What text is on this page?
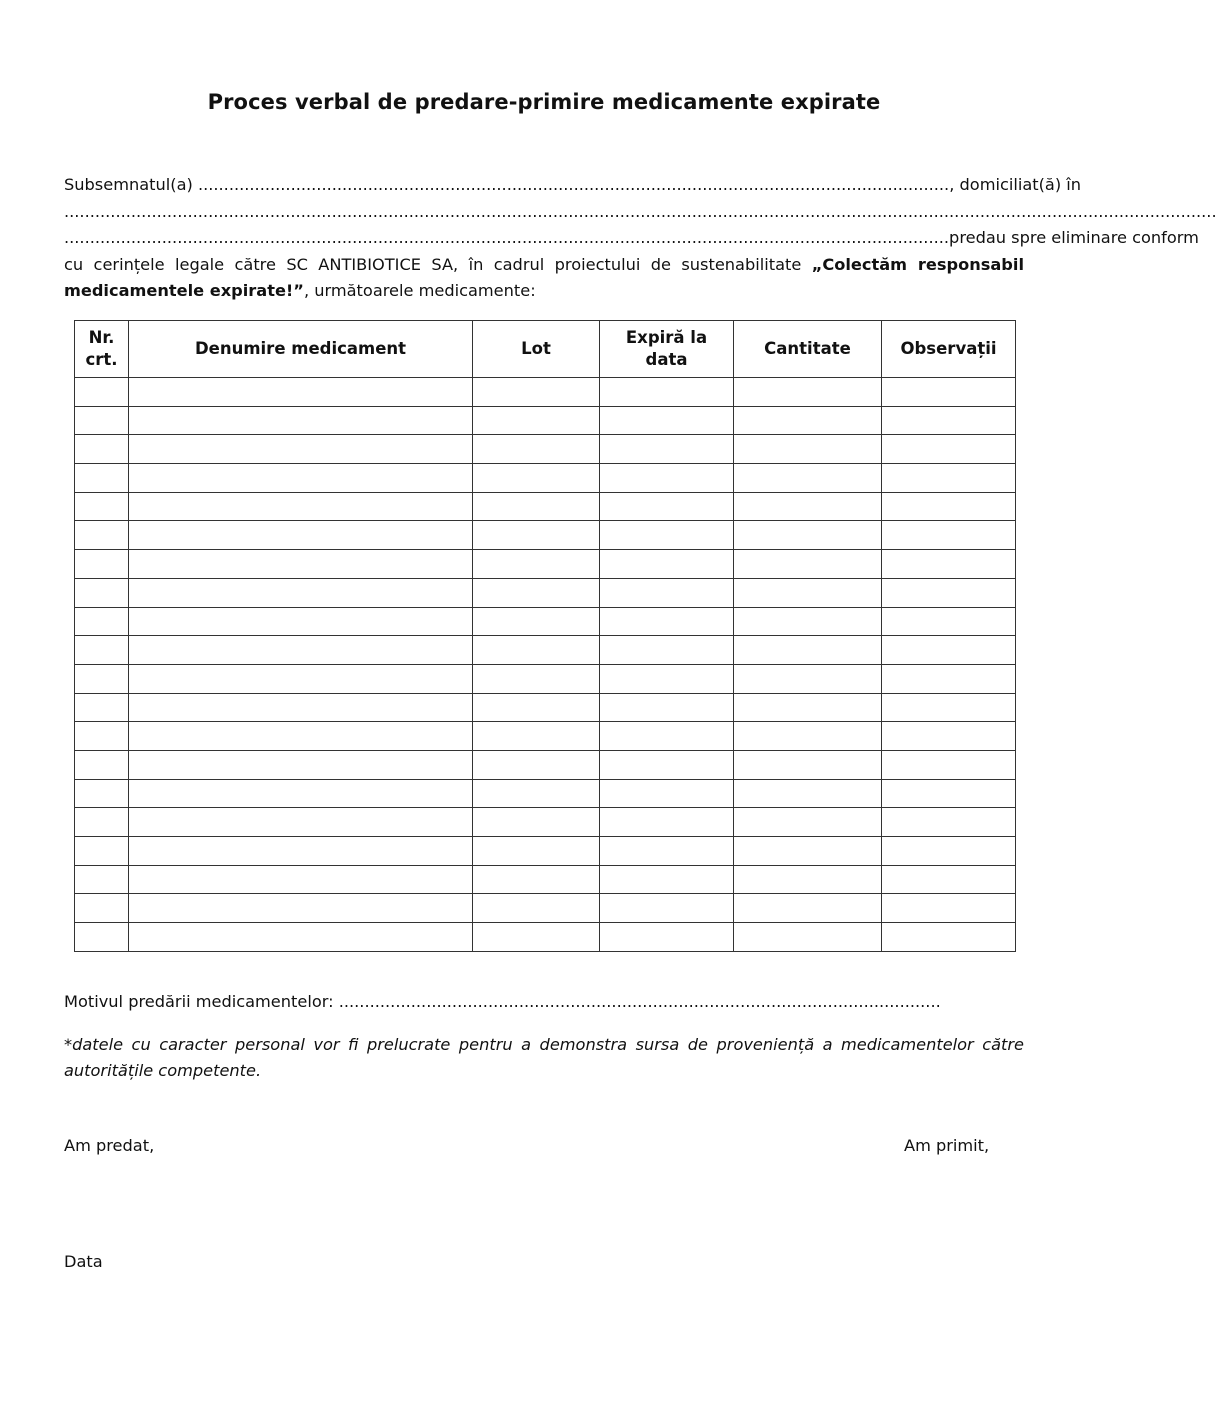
Proces verbal de predare-primire medicamente expirate
Subsemnatul(a) .................................................................................................................................................. , domiciliat(ă) în
................................................................................................................................................................................................................................
............................................................................................................................................................................ predau spre eliminare conform
cu cerințele legale către SC ANTIBIOTICE SA, în cadrul proiectului de sustenabilitate „Colectăm responsabil
medicamentele expirate!”, următoarele medicamente:
Nr. crt.	Denumire medicament	Lot	Expiră la data	Cantitate	Observații

Motivul predării medicamentelor: .....................................................................................................................
*datele cu caracter personal vor fi prelucrate pentru a demonstra sursa de proveniență a medicamentelor către autoritățile competente.
Am predat,	Am primit,
Data
